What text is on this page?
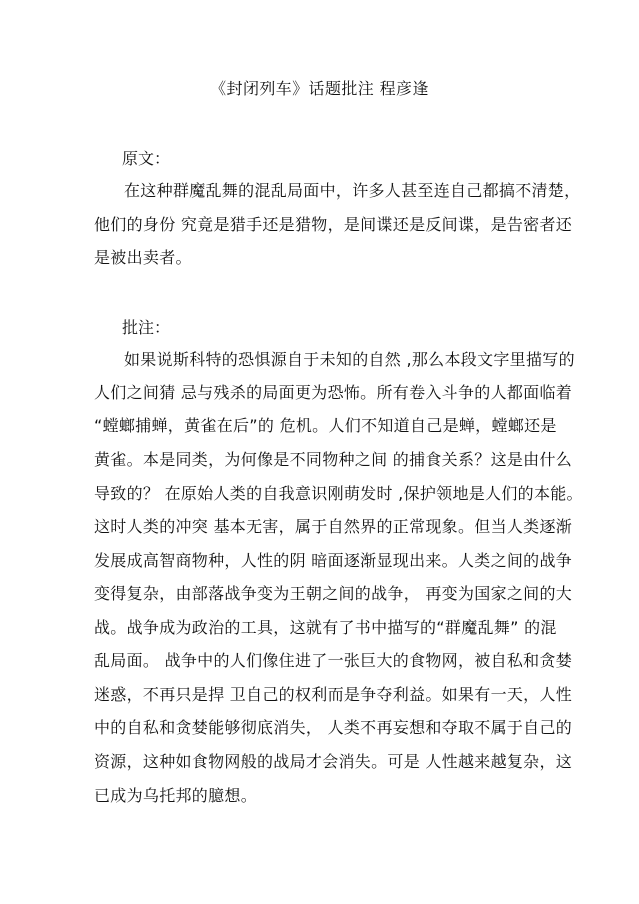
《封闭列车》话题批注 程彦逢
原文：
在这种群魔乱舞的混乱局面中，许多人甚至连自己都搞不清楚，
他们的身份 究竟是猎手还是猎物，是间谍还是反间谍，是告密者还
是被出卖者。
批注：
如果说斯科特的恐惧源自于未知的自然 ,那么本段文字里描写的
人们之间猜 忌与残杀的局面更为恐怖。所有卷入斗争的人都面临着
“螳螂捕蝉，黄雀在后”的 危机。人们不知道自己是蝉，螳螂还是
黄雀。本是同类，为何像是不同物种之间 的捕食关系？这是由什么
导致的？ 在原始人类的自我意识刚萌发时 ,保护领地是人们的本能。
这时人类的冲突 基本无害，属于自然界的正常现象。但当人类逐渐
发展成高智商物种，人性的阴 暗面逐渐显现出来。人类之间的战争
变得复杂，由部落战争变为王朝之间的战争， 再变为国家之间的大
战。战争成为政治的工具，这就有了书中描写的“群魔乱舞” 的混
乱局面。 战争中的人们像住进了一张巨大的食物网，被自私和贪婪
迷惑，不再只是捍 卫自己的权利而是争夺利益。如果有一天，人性
中的自私和贪婪能够彻底消失， 人类不再妄想和夺取不属于自己的
资源，这种如食物网般的战局才会消失。可是 人性越来越复杂，这
已成为乌托邦的臆想。
